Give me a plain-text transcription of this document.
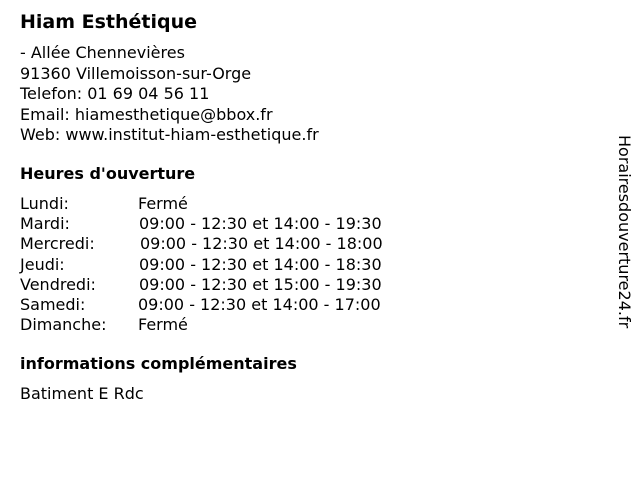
Hiam Esthétique
- Allée Chennevières
91360 Villemoisson-sur-Orge
Telefon: 01 69 04 56 11
Email: hiamesthetique@bbox.fr
Web: www.institut-hiam-esthetique.fr
Heures d'ouverture
Lundi:	Fermé
Mardi:	09:00 - 12:30 et 14:00 - 19:30
Mercredi:	09:00 - 12:30 et 14:00 - 18:00
Jeudi:	09:00 - 12:30 et 14:00 - 18:30
Vendredi:	09:00 - 12:30 et 15:00 - 19:30
Samedi:	09:00 - 12:30 et 14:00 - 17:00
Dimanche: Fermé
informations complémentaires
Batiment E Rdc
Horairesdouverture24.fr
